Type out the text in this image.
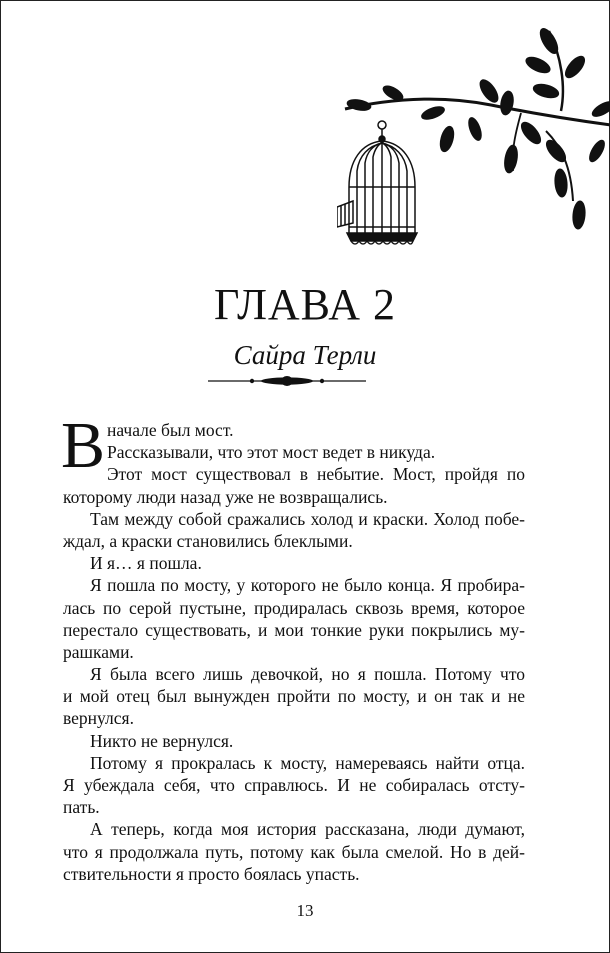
ГЛАВА 2
Сайра Терли
В начале был мост.
Рассказывали, что этот мост ведет в никуда.
Этот мост существовал в небытие. Мост, пройдя по
которому люди назад уже не возвращались.
Там между собой сражались холод и краски. Холод побе-
ждал, а краски становились блеклыми.
И я… я пошла.
Я пошла по мосту, у которого не было конца. Я пробира-
лась по серой пустыне, продиралась сквозь время, которое
перестало существовать, и мои тонкие руки покрылись му-
рашками.
Я была всего лишь девочкой, но я пошла. Потому что
и мой отец был вынужден пройти по мосту, и он так и не
вернулся.
Никто не вернулся.
Потому я прокралась к мосту, намереваясь найти отца.
Я убеждала себя, что справлюсь. И не собиралась отсту-
пать.
А теперь, когда моя история рассказана, люди думают,
что я продолжала путь, потому как была смелой. Но в дей-
ствительности я просто боялась упасть.
13
